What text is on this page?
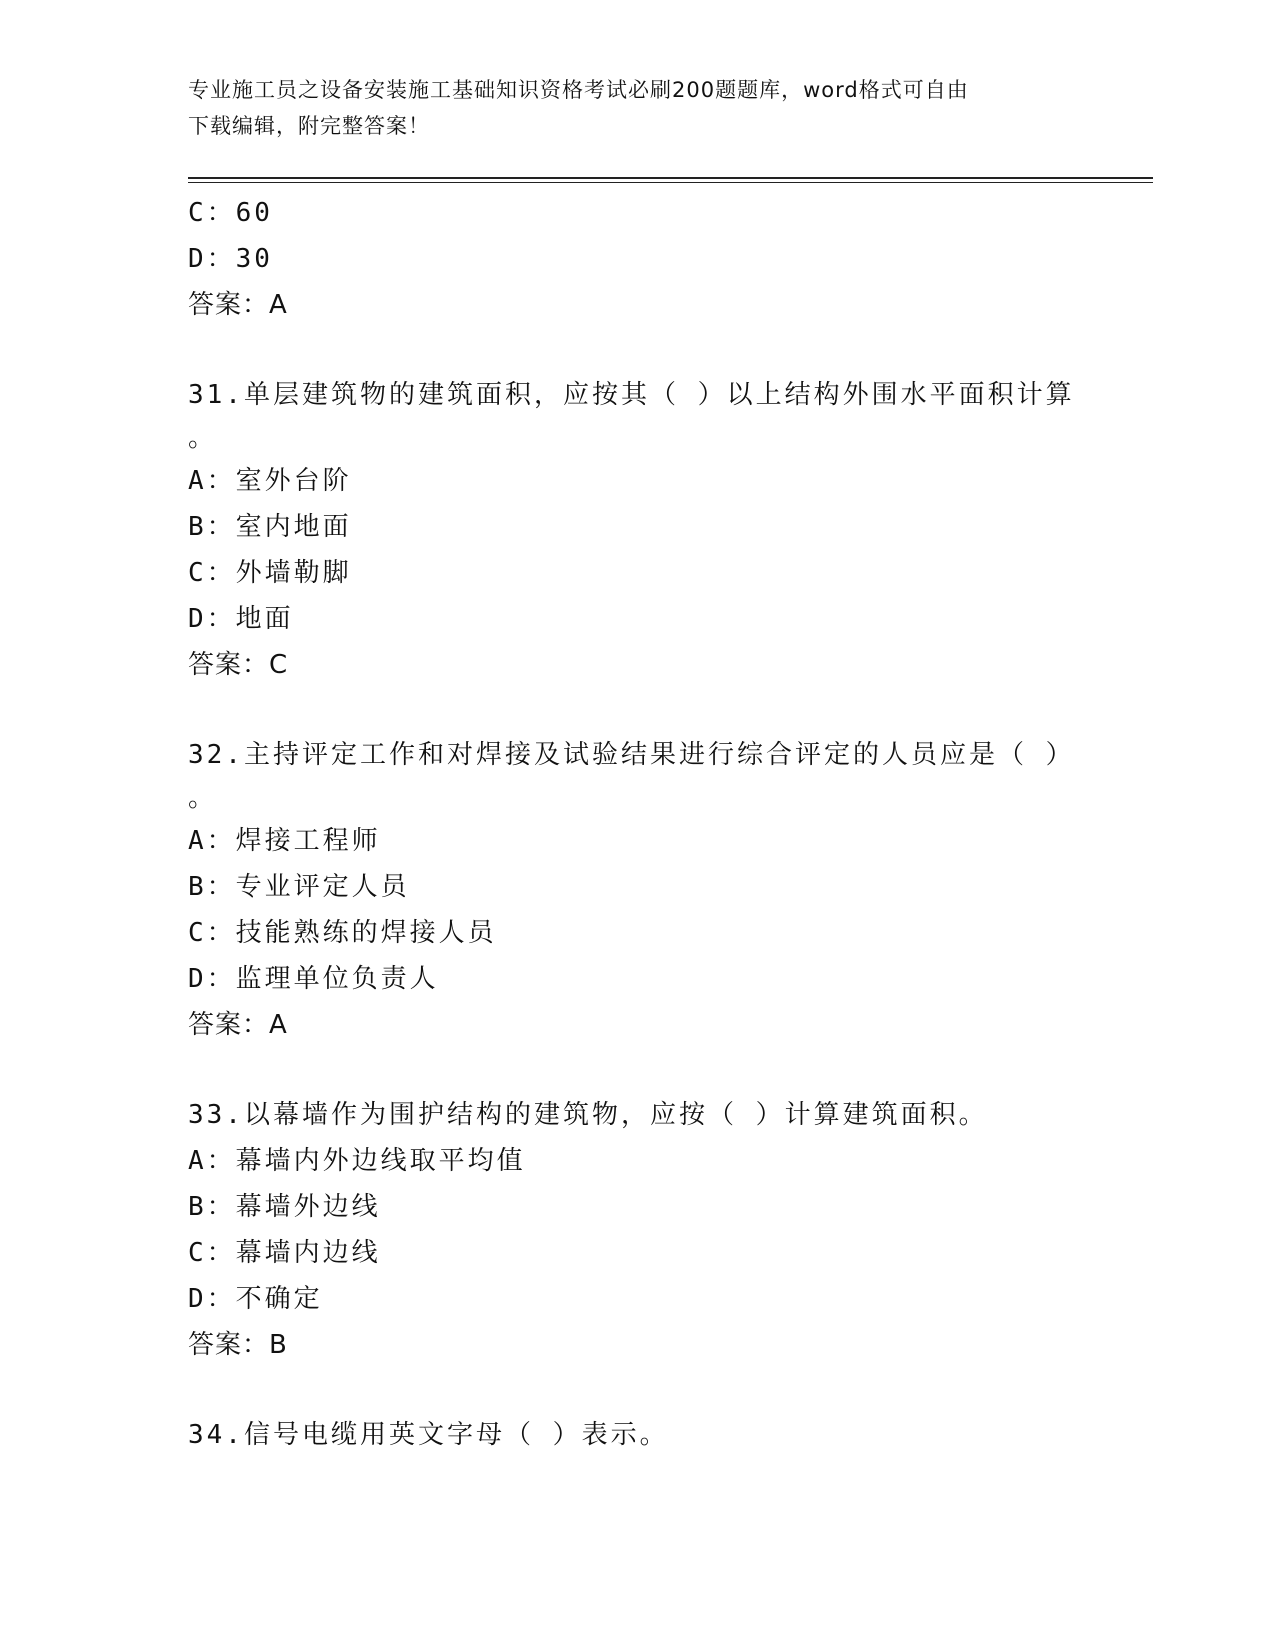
专业施工员之设备安装施工基础知识资格考试必刷200题题库，word格式可自由
下载编辑，附完整答案！
C：60
D：30
答案：A
31.单层建筑物的建筑面积，应按其（ ）以上结构外围水平面积计算
。
A：室外台阶
B：室内地面
C：外墙勒脚
D：地面
答案：C
32.主持评定工作和对焊接及试验结果进行综合评定的人员应是（ ）
。
A：焊接工程师
B：专业评定人员
C：技能熟练的焊接人员
D：监理单位负责人
答案：A
33.以幕墙作为围护结构的建筑物，应按（ ）计算建筑面积。
A：幕墙内外边线取平均值
B：幕墙外边线
C：幕墙内边线
D：不确定
答案：B
34.信号电缆用英文字母（ ）表示。
